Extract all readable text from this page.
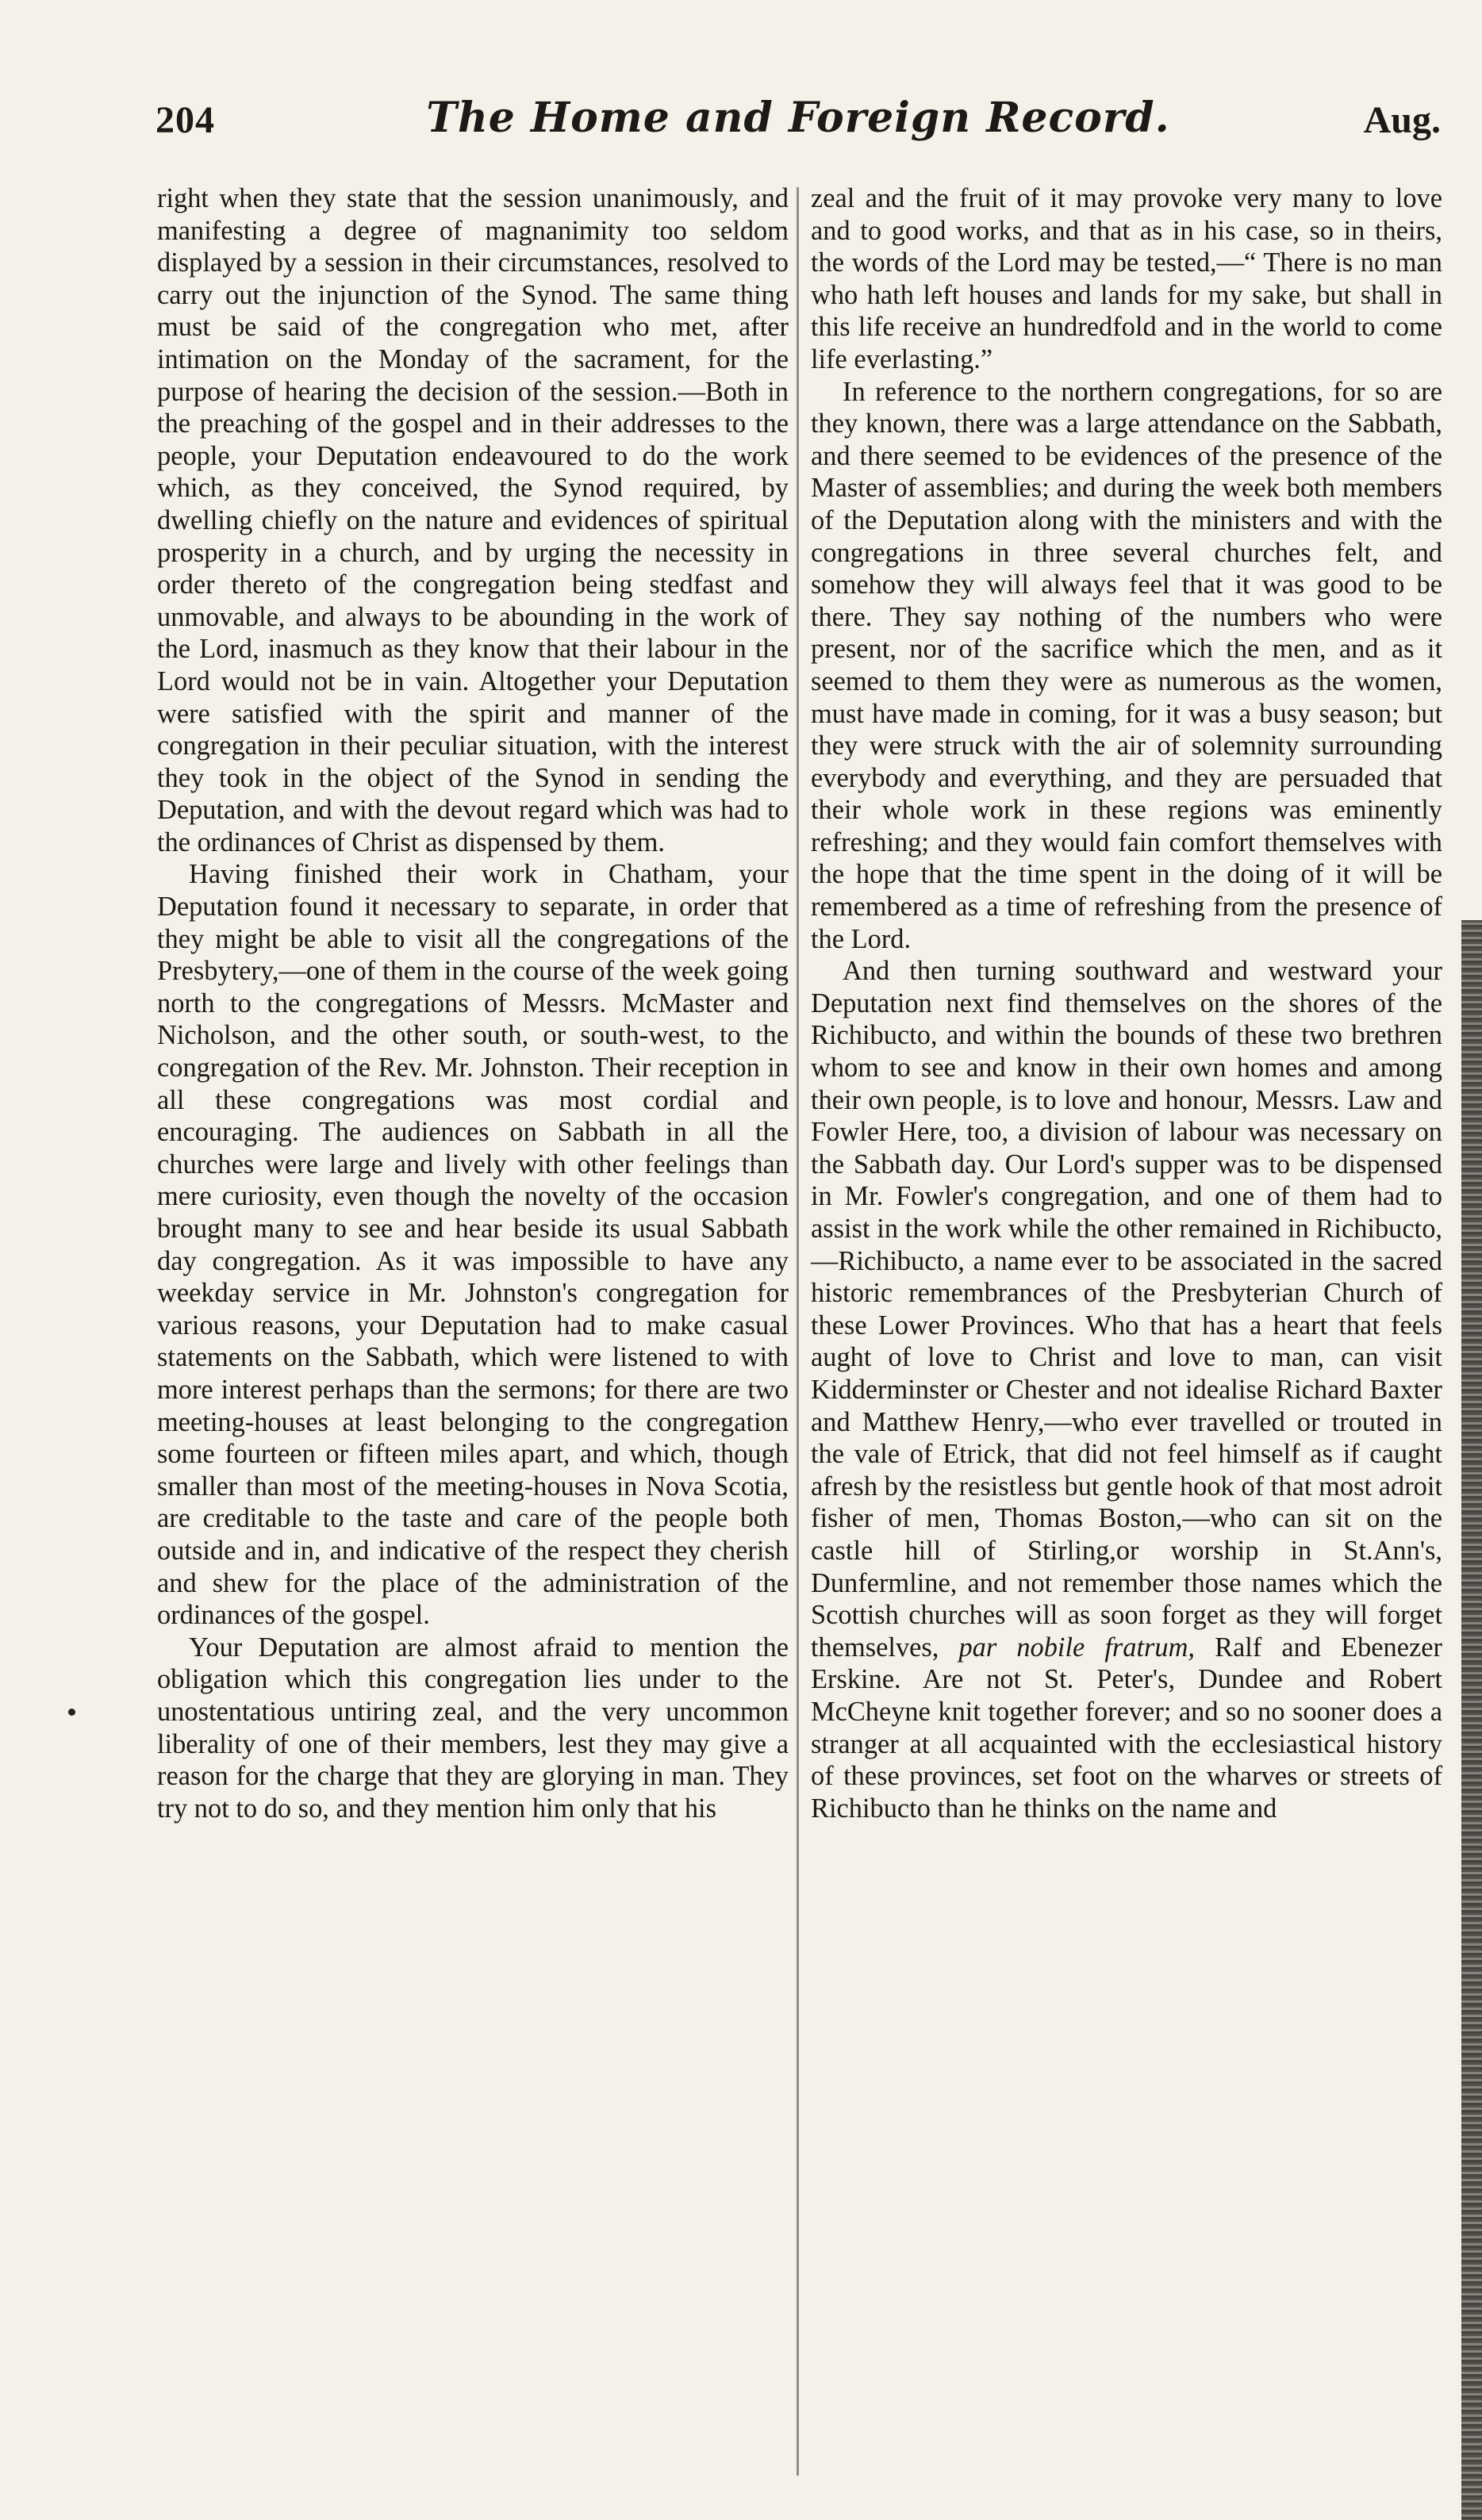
204	The Home and Foreign Record.	Aug.

right when they state that the session unanimously, and manifesting a degree of magnanimity too seldom displayed by a session in their circumstances, resolved to carry out the injunction of the Synod. The same thing must be said of the congregation who met, after intimation on the Monday of the sacrament, for the purpose of hearing the decision of the session.—Both in the preaching of the gospel and in their addresses to the people, your Deputation endeavoured to do the work which, as they conceived, the Synod required, by dwelling chiefly on the nature and evidences of spiritual prosperity in a church, and by urging the necessity in order thereto of the congregation being stedfast and unmovable, and always to be abounding in the work of the Lord, inasmuch as they know that their labour in the Lord would not be in vain. Altogether your Deputation were satisfied with the spirit and manner of the congregation in their peculiar situation, with the interest they took in the object of the Synod in sending the Deputation, and with the devout regard which was had to the ordinances of Christ as dispensed by them.

Having finished their work in Chatham, your Deputation found it necessary to separate, in order that they might be able to visit all the congregations of the Presbytery,—one of them in the course of the week going north to the congregations of Messrs. McMaster and Nicholson, and the other south, or south-west, to the congregation of the Rev. Mr. Johnston. Their reception in all these congregations was most cordial and encouraging. The audiences on Sabbath in all the churches were large and lively with other feelings than mere curiosity, even though the novelty of the occasion brought many to see and hear beside its usual Sabbath day congregation. As it was impossible to have any weekday service in Mr. Johnston's congregation for various reasons, your Deputation had to make casual statements on the Sabbath, which were listened to with more interest perhaps than the sermons; for there are two meeting-houses at least belonging to the congregation some fourteen or fifteen miles apart, and which, though smaller than most of the meeting-houses in Nova Scotia, are creditable to the taste and care of the people both outside and in, and indicative of the respect they cherish and shew for the place of the administration of the ordinances of the gospel.

Your Deputation are almost afraid to mention the obligation which this congregation lies under to the unostentatious untiring zeal, and the very uncommon liberality of one of their members, lest they may give a reason for the charge that they are glorying in man. They try not to do so, and they mention him only that his

zeal and the fruit of it may provoke very many to love and to good works, and that as in his case, so in theirs, the words of the Lord may be tested,—“ There is no man who hath left houses and lands for my sake, but shall in this life receive an hundredfold and in the world to come life everlasting.”

In reference to the northern congregations, for so are they known, there was a large attendance on the Sabbath, and there seemed to be evidences of the presence of the Master of assemblies; and during the week both members of the Deputation along with the ministers and with the congregations in three several churches felt, and somehow they will always feel that it was good to be there. They say nothing of the numbers who were present, nor of the sacrifice which the men, and as it seemed to them they were as numerous as the women, must have made in coming, for it was a busy season; but they were struck with the air of solemnity surrounding everybody and everything, and they are persuaded that their whole work in these regions was eminently refreshing; and they would fain comfort themselves with the hope that the time spent in the doing of it will be remembered as a time of refreshing from the presence of the Lord.

And then turning southward and westward your Deputation next find themselves on the shores of the Richibucto, and within the bounds of these two brethren whom to see and know in their own homes and among their own people, is to love and honour, Messrs. Law and Fowler Here, too, a division of labour was necessary on the Sabbath day. Our Lord's supper was to be dispensed in Mr. Fowler's congregation, and one of them had to assist in the work while the other remained in Richibucto,—Richibucto, a name ever to be associated in the sacred historic remembrances of the Presbyterian Church of these Lower Provinces. Who that has a heart that feels aught of love to Christ and love to man, can visit Kidderminster or Chester and not idealise Richard Baxter and Matthew Henry,—who ever travelled or trouted in the vale of Etrick, that did not feel himself as if caught afresh by the resistless but gentle hook of that most adroit fisher of men, Thomas Boston,—who can sit on the castle hill of Stirling,or worship in St.Ann's, Dunfermline, and not remember those names which the Scottish churches will as soon forget as they will forget themselves, par nobile fratrum, Ralf and Ebenezer Erskine. Are not St. Peter's, Dundee and Robert McCheyne knit together forever; and so no sooner does a stranger at all acquainted with the ecclesiastical history of these provinces, set foot on the wharves or streets of Richibucto than he thinks on the name and
